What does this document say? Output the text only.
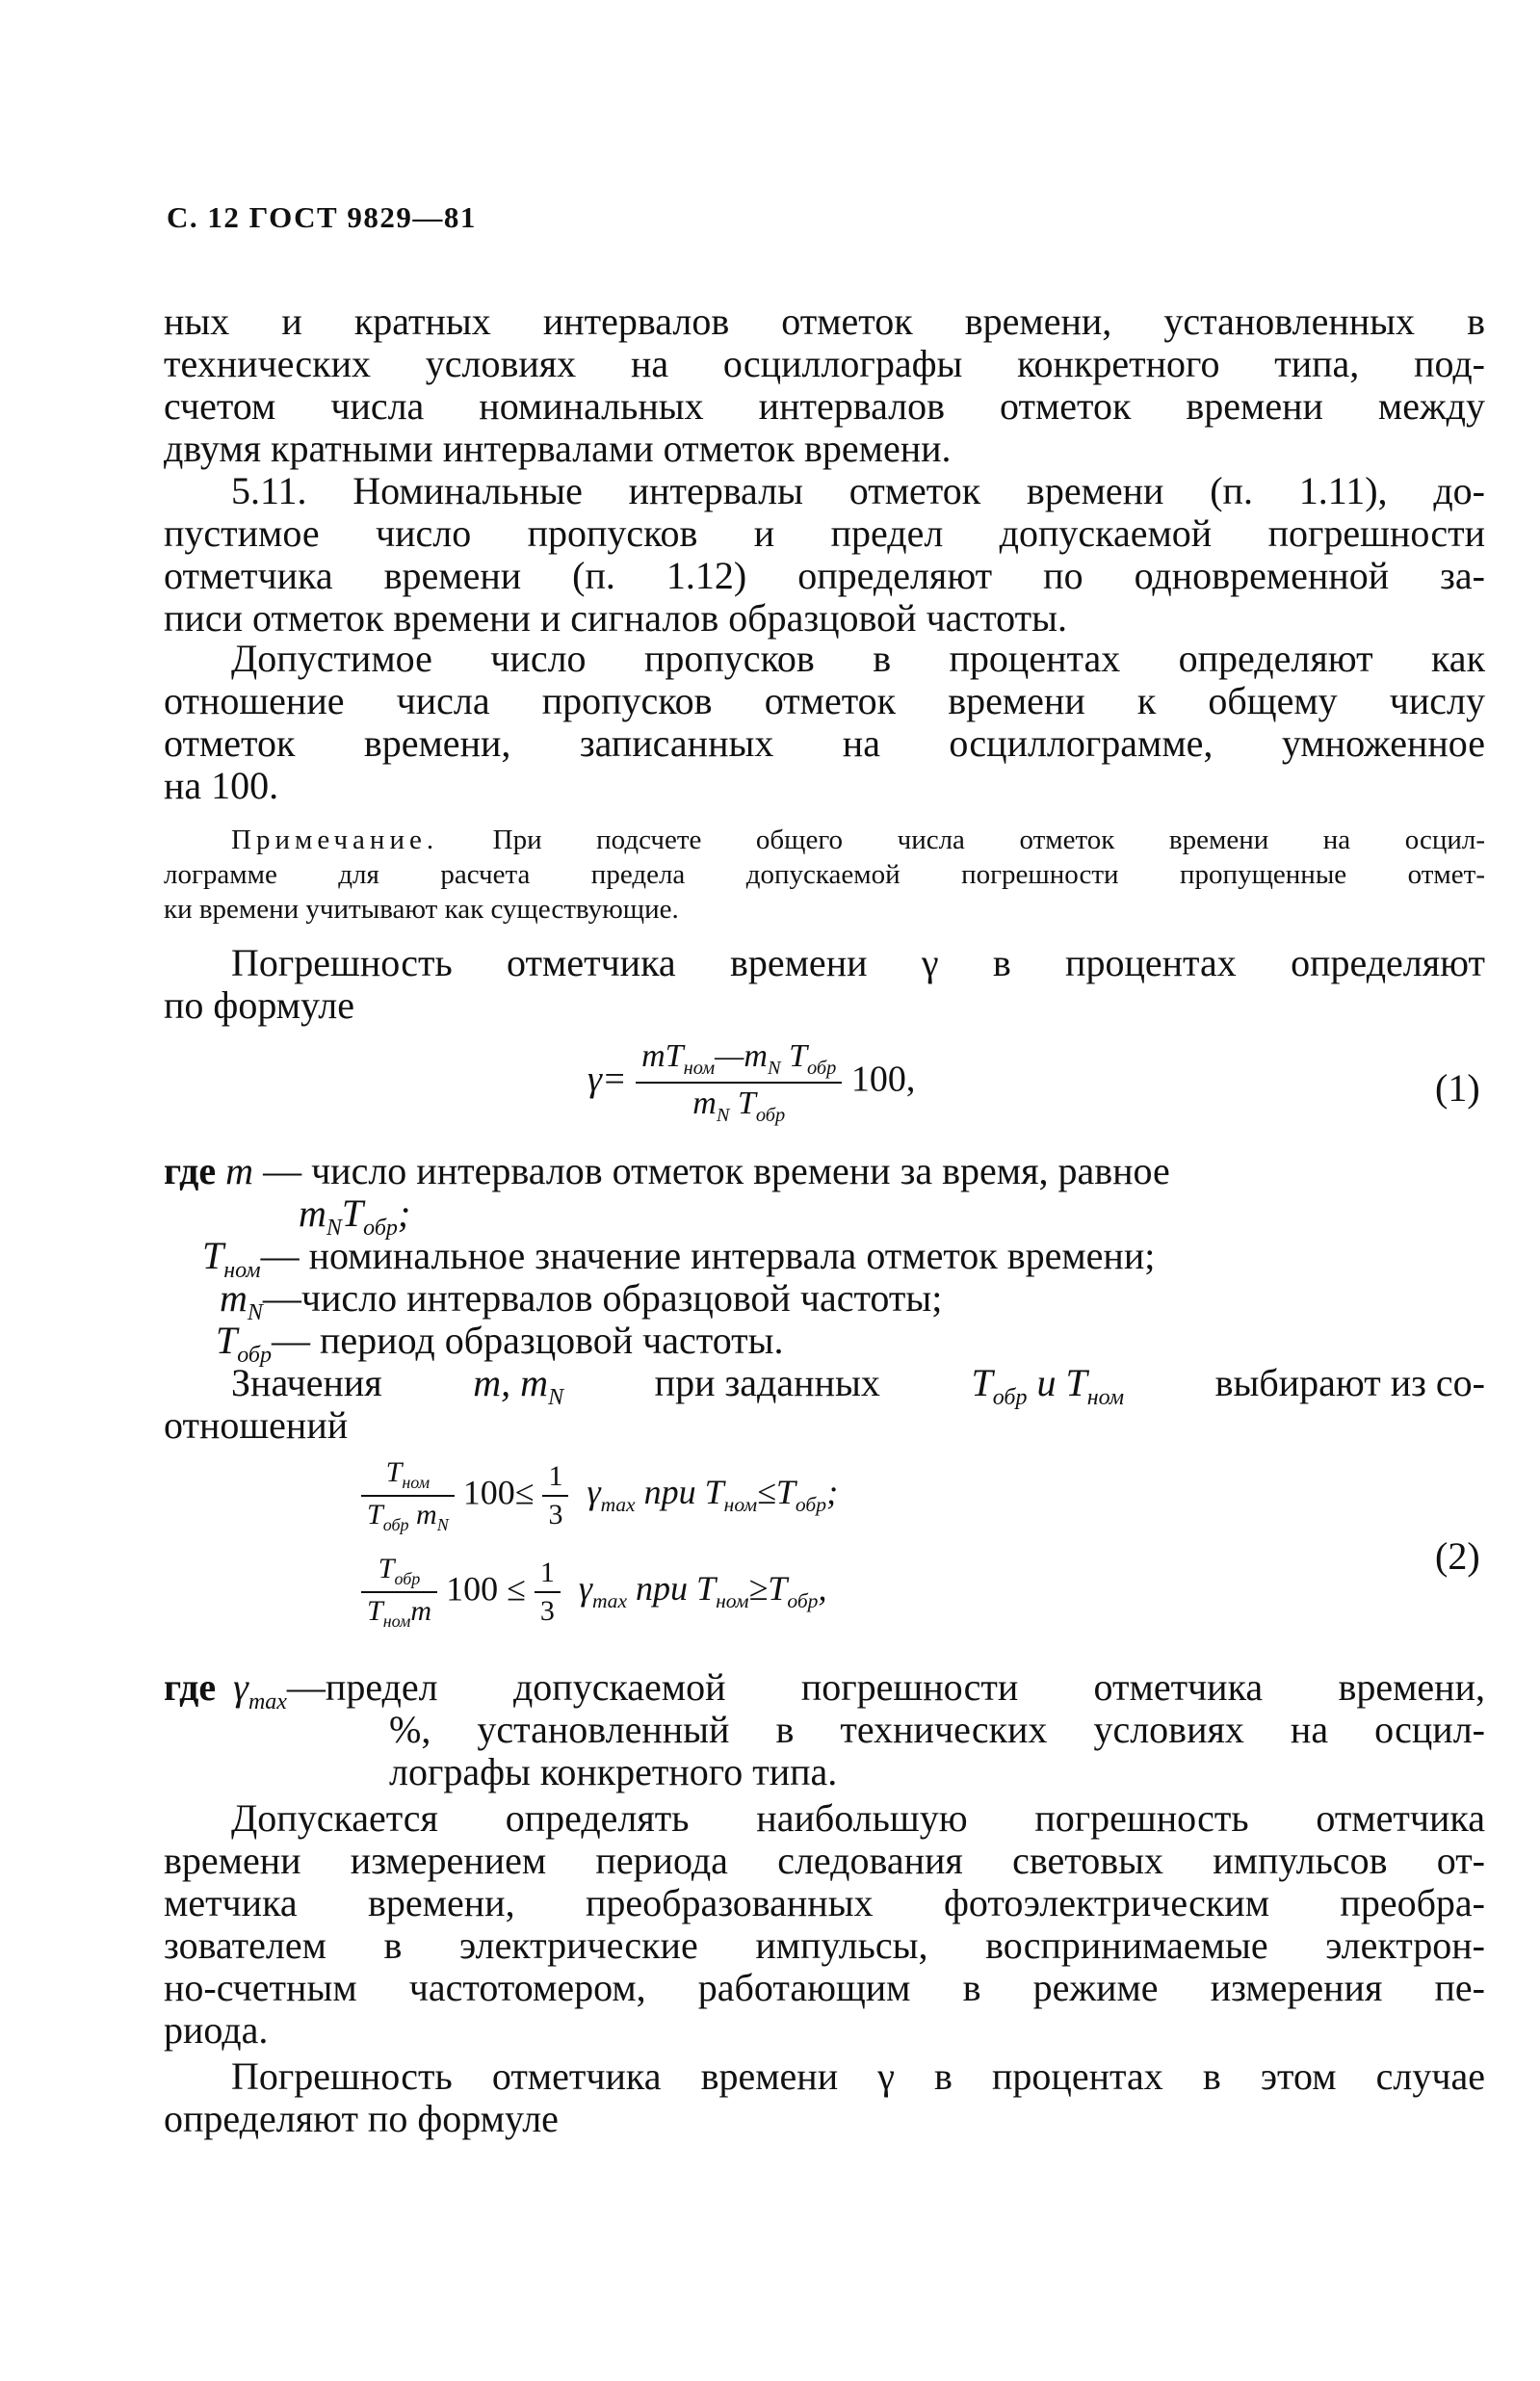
С. 12 ГОСТ 9829—81
ных и кратных интервалов отметок времени, установленных в
технических условиях на осциллографы конкретного типа, под-
счетом числа номинальных интервалов отметок времени между
двумя кратными интервалами отметок времени.
5.11. Номинальные интервалы отметок времени (п. 1.11), до-
пустимое число пропусков и предел допускаемой погрешности
отметчика времени (п. 1.12) определяют по одновременной за-
писи отметок времени и сигналов образцовой частоты.
Допустимое число пропусков в процентах определяют как
отношение числа пропусков отметок времени к общему числу
отметок времени, записанных на осциллограмме, умноженное
на 100.
Примечание. При подсчете общего числа отметок времени на осцил-
лограмме для расчета предела допускаемой погрешности пропущенные отмет-
ки времени учитывают как существующие.
Погрешность отметчика времени γ в процентах определяют
по формуле
$\gamma= \frac{mT_{ном}—m_N T_{обр}}{m_N T_{обр}} 100$,	(1)
где m — число интервалов отметок времени за время, равное
$m_NT_{обр}$;
$T_{ном}—$ номинальное значение интервала отметок времени;
$m_N—число$ интервалов образцовой частоты;
$T_{обр}—$ период образцовой частоты.
Значения m, $m_N$ при заданных $T_{обр}$ и $T_{ном}$ выбирают из со-
отношений
$\frac{T_{ном}}{T_{обр} m_N} 100\le \frac{1}{3} \gamma_{max}$ при $T_{ном}\le T_{обр}$;
$\frac{T_{обр}}{T_{ном}m} 100 \le \frac{1}{3} \gamma_{max}$ при $T_{ном}\ge T_{обр}$,
(2)
где $\gamma_{max}$ —предел допускаемой погрешности отметчика времени,
%, установленный в технических условиях на осцил-
лографы конкретного типа.
Допускается определять наибольшую погрешность отметчика
времени измерением периода следования световых импульсов от-
метчика времени, преобразованных фотоэлектрическим преобра-
зователем в электрические импульсы, воспринимаемые электрон-
но-счетным частотомером, работающим в режиме измерения пе-
риода.
Погрешность отметчика времени γ в процентах в этом случае
определяют по формуле
